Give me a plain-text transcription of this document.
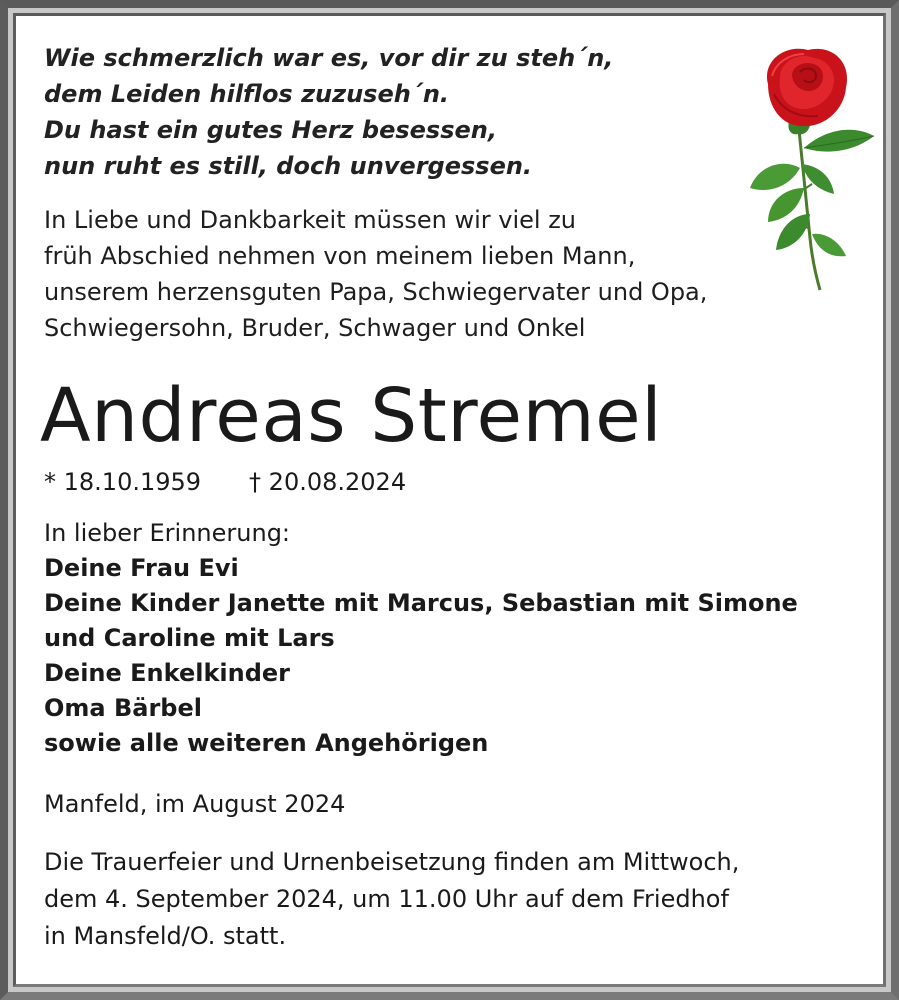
Wie schmerzlich war es, vor dir zu steh´n,
dem Leiden hilflos zuzuseh´n.
Du hast ein gutes Herz besessen,
nun ruht es still, doch unvergessen.
In Liebe und Dankbarkeit müssen wir viel zu
früh Abschied nehmen von meinem lieben Mann,
unserem herzensguten Papa, Schwiegervater und Opa,
Schwiegersohn, Bruder, Schwager und Onkel
Andreas Stremel
* 18.10.1959 † 20.08.2024
In lieber Erinnerung:
Deine Frau Evi
Deine Kinder Janette mit Marcus, Sebastian mit Simone
und Caroline mit Lars
Deine Enkelkinder
Oma Bärbel
sowie alle weiteren Angehörigen
Manfeld, im August 2024
Die Trauerfeier und Urnenbeisetzung finden am Mittwoch,
dem 4. September 2024, um 11.00 Uhr auf dem Friedhof
in Mansfeld/O. statt.
